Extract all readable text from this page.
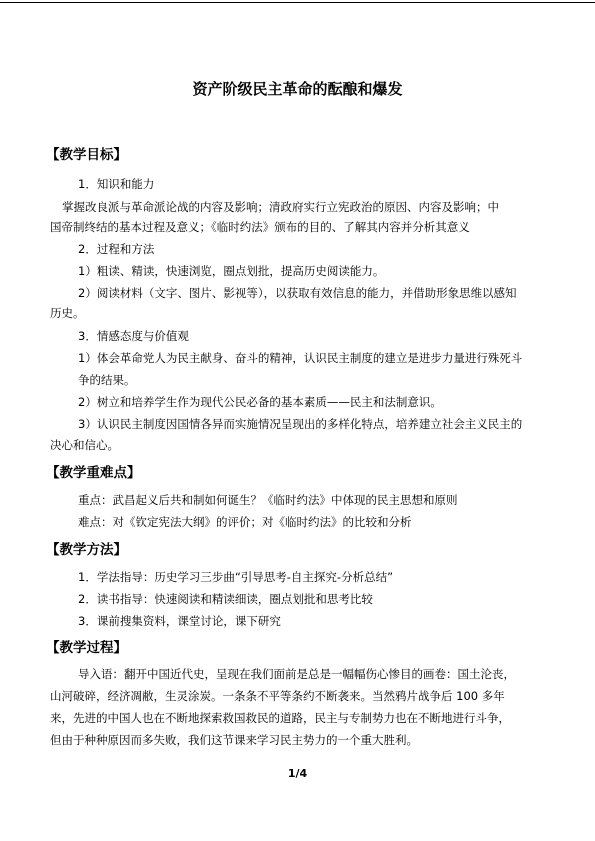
资产阶级民主革命的酝酿和爆发
【教学目标】
1．知识和能力
掌握改良派与革命派论战的内容及影响；清政府实行立宪政治的原因、内容及影响；中
国帝制终结的基本过程及意义；《临时约法》颁布的目的、了解其内容并分析其意义
2．过程和方法
1）粗读、精读，快速浏览，圈点划批，提高历史阅读能力。
2）阅读材料（文字、图片、影视等），以获取有效信息的能力，并借助形象思维以感知
历史。
3．情感态度与价值观
1）体会革命党人为民主献身、奋斗的精神，认识民主制度的建立是进步力量进行殊死斗
争的结果。
2）树立和培养学生作为现代公民必备的基本素质——民主和法制意识。
3）认识民主制度因国情各异而实施情况呈现出的多样化特点，培养建立社会主义民主的
决心和信心。
【教学重难点】
重点：武昌起义后共和制如何诞生？《临时约法》中体现的民主思想和原则
难点：对《钦定宪法大纲》的评价；对《临时约法》的比较和分析
【教学方法】
1．学法指导：历史学习三步曲“引导思考-自主探究-分析总结”
2．读书指导：快速阅读和精读细读，圈点划批和思考比较
3．课前搜集资料，课堂讨论，课下研究
【教学过程】
导入语：翻开中国近代史，呈现在我们面前是总是一幅幅伤心惨目的画卷：国土沦丧，
山河破碎，经济凋敝，生灵涂炭。一条条不平等条约不断袭来。当然鸦片战争后 100 多年
来，先进的中国人也在不断地探索救国救民的道路，民主与专制势力也在不断地进行斗争，
但由于种种原因而多失败，我们这节课来学习民主势力的一个重大胜利。
1/4
